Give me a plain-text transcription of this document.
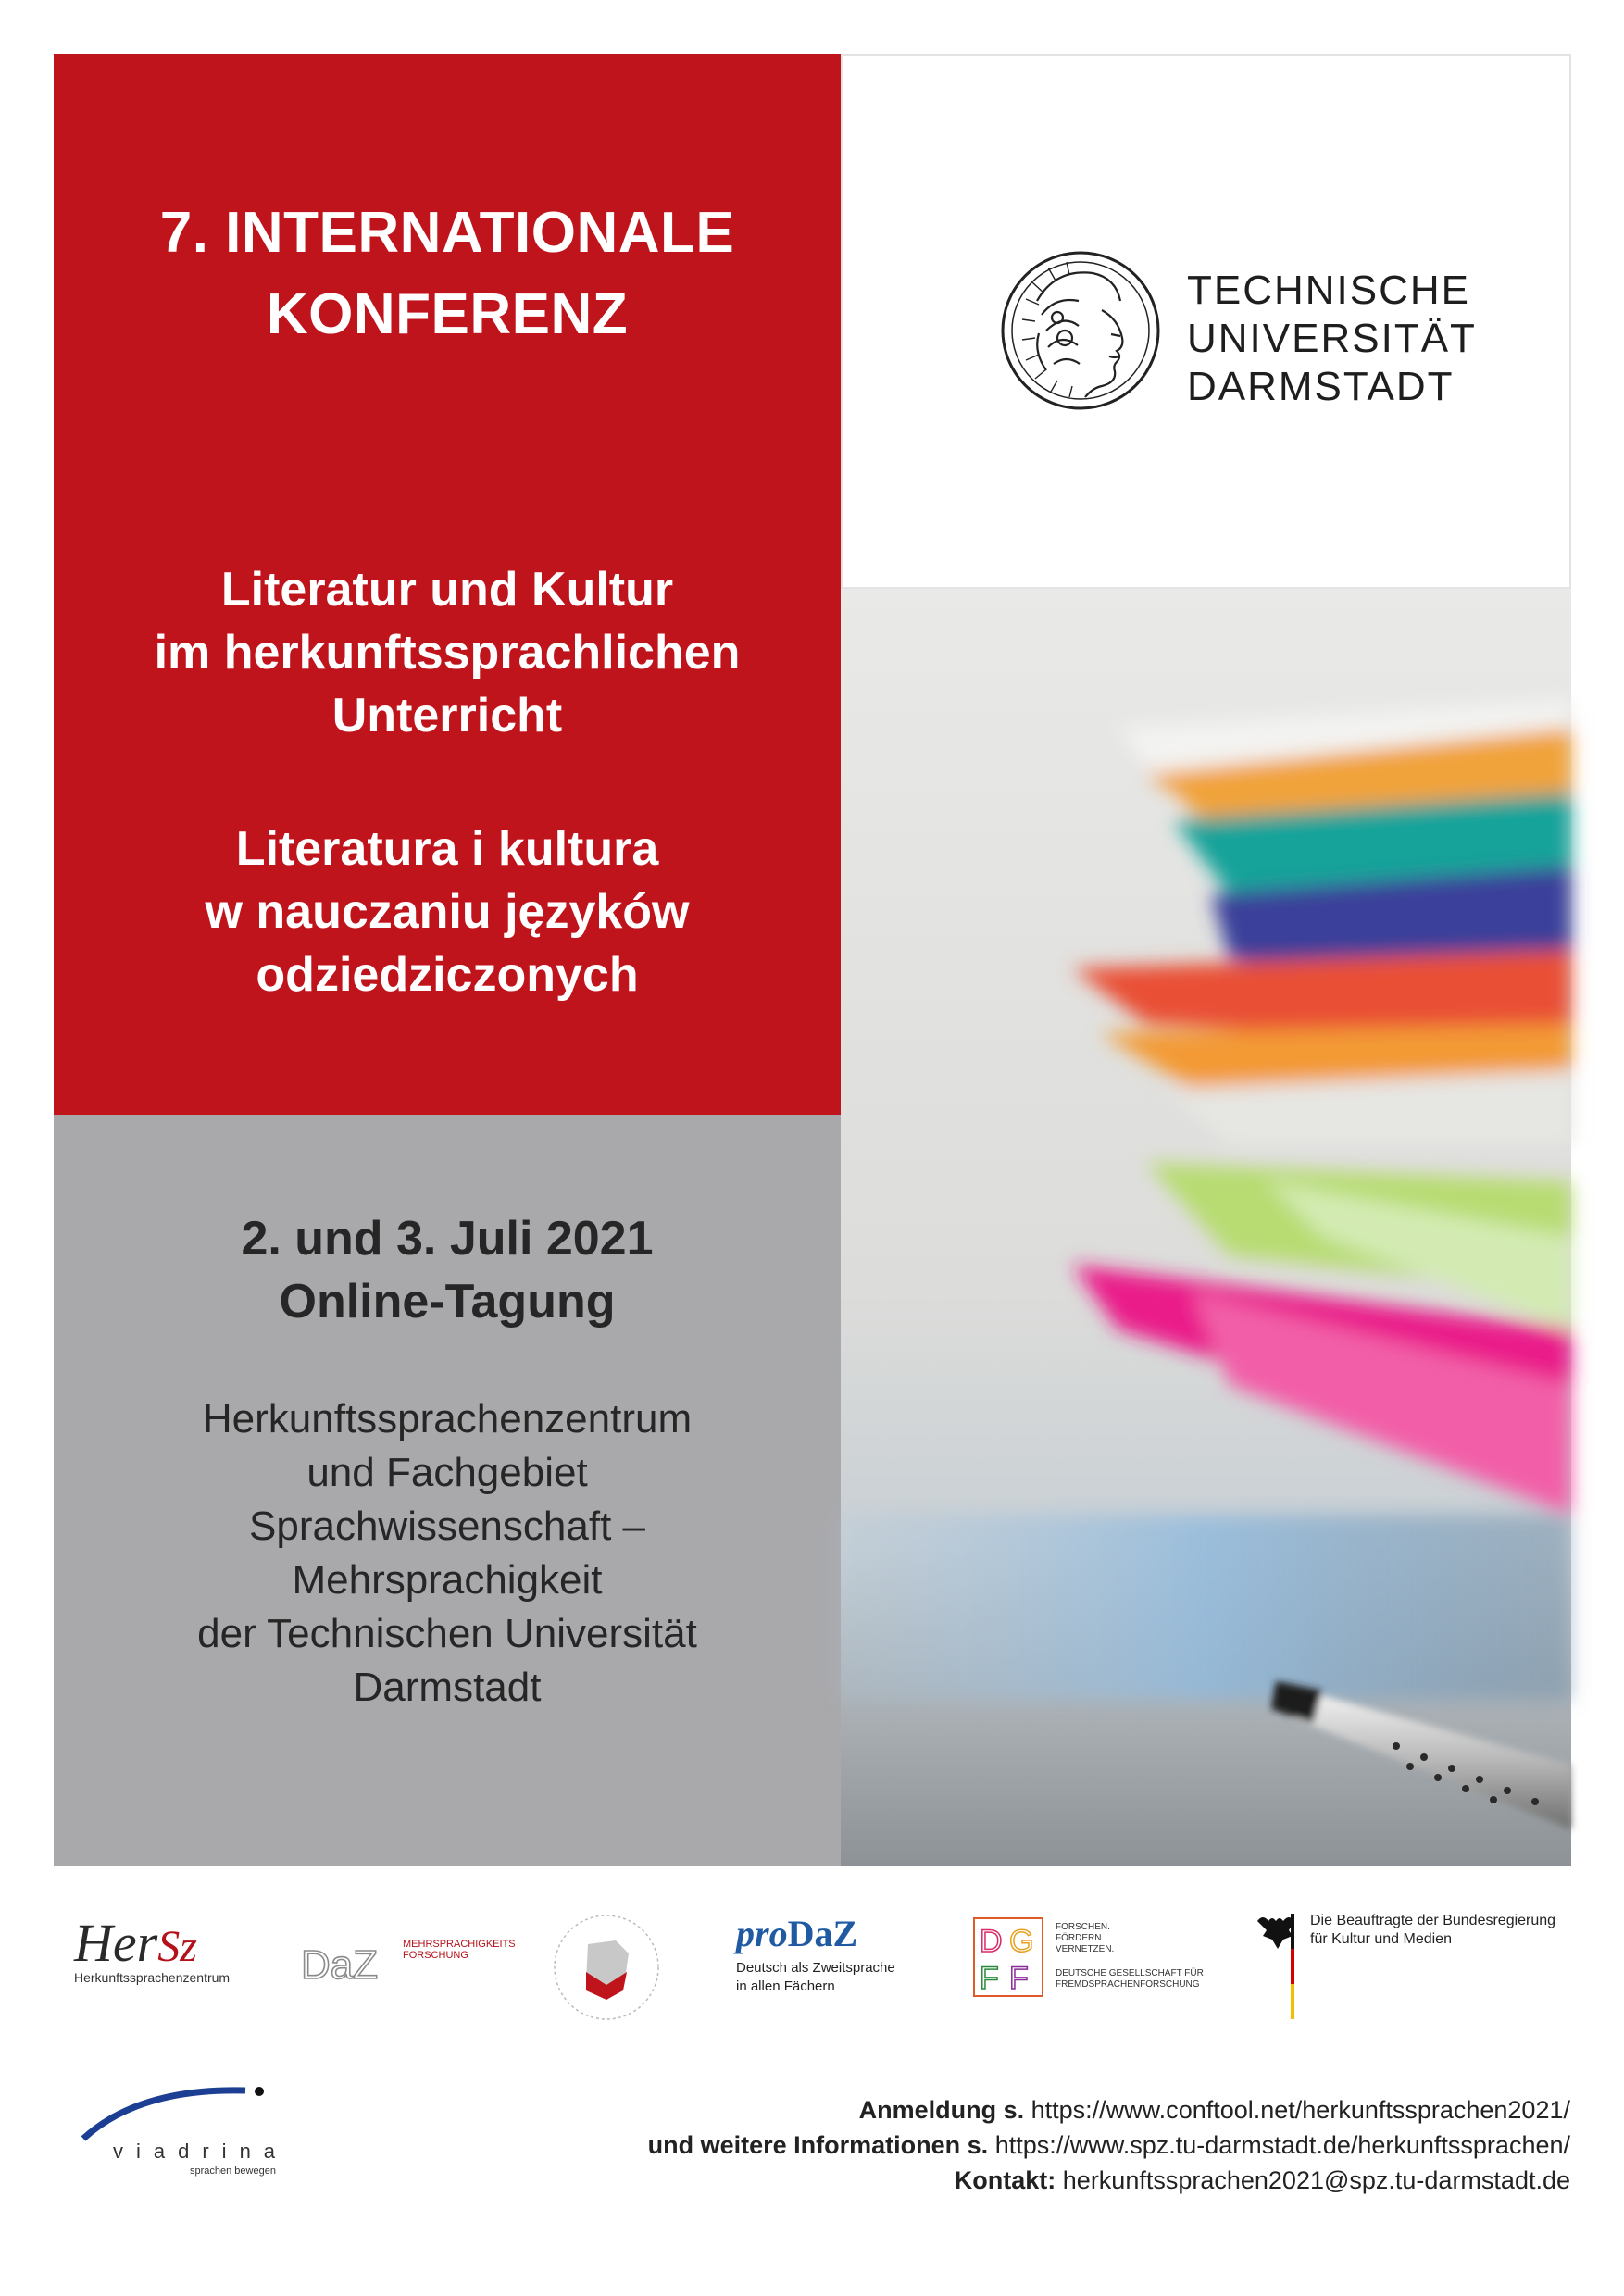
7. INTERNATIONALE
KONFERENZ
Literatur und Kultur
im herkunftssprachlichen
Unterricht
Literatura i kultura
w nauczaniu języków
odziedziczonych
2. und 3. Juli 2021
Online-Tagung
Herkunftssprachenzentrum
und Fachgebiet
Sprachwissenschaft –
Mehrsprachigkeit
der Technischen Universität
Darmstadt
TECHNISCHE
UNIVERSITÄT
DARMSTADT
HerSz
Herkunftssprachenzentrum	DaZ MEHRSPRACHIGKEITS
FORSCHUNG
proDaZ
Deutsch als Zweitsprache
in allen Fächern
D G
F F
FORSCHEN.
FÖRDERN.
VERNETZEN.
DEUTSCHE GESELLSCHAFT FÜR
FREMDSPRACHENFORSCHUNG
Die Beauftragte der Bundesregierung
für Kultur und Medien
viadrina
sprachen bewegen
Anmeldung s. https://www.conftool.net/herkunftssprachen2021/
und weitere Informationen s. https://www.spz.tu-darmstadt.de/herkunftssprachen/
Kontakt: herkunftssprachen2021@spz.tu-darmstadt.de
